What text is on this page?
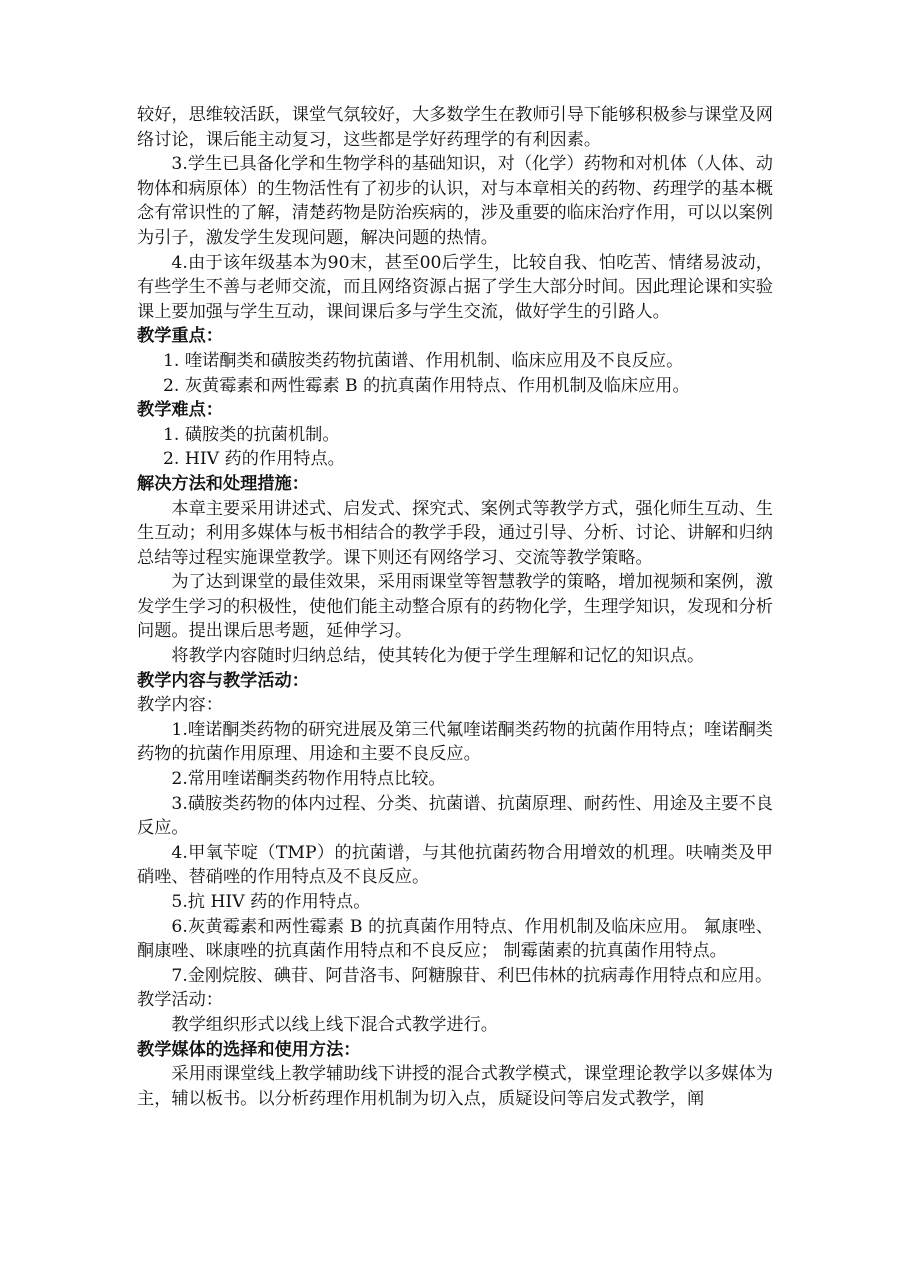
较好，思维较活跃，课堂气氛较好，大多数学生在教师引导下能够积极参与课堂及网络讨论，课后能主动复习，这些都是学好药理学的有利因素。

3.学生已具备化学和生物学科的基础知识，对（化学）药物和对机体（人体、动物体和病原体）的生物活性有了初步的认识，对与本章相关的药物、药理学的基本概念有常识性的了解，清楚药物是防治疾病的，涉及重要的临床治疗作用，可以以案例为引子，激发学生发现问题，解决问题的热情。

4.由于该年级基本为90末，甚至00后学生，比较自我、怕吃苦、情绪易波动，有些学生不善与老师交流，而且网络资源占据了学生大部分时间。因此理论课和实验课上要加强与学生互动，课间课后多与学生交流，做好学生的引路人。

教学重点：

1. 喹诺酮类和磺胺类药物抗菌谱、作用机制、临床应用及不良反应。

2. 灰黄霉素和两性霉素 B 的抗真菌作用特点、作用机制及临床应用。

教学难点：

1. 磺胺类的抗菌机制。

2. HIV 药的作用特点。

解决方法和处理措施：

本章主要采用讲述式、启发式、探究式、案例式等教学方式，强化师生互动、生生互动；利用多媒体与板书相结合的教学手段，通过引导、分析、讨论、讲解和归纳总结等过程实施课堂教学。课下则还有网络学习、交流等教学策略。

为了达到课堂的最佳效果，采用雨课堂等智慧教学的策略，增加视频和案例，激发学生学习的积极性，使他们能主动整合原有的药物化学，生理学知识，发现和分析问题。提出课后思考题，延伸学习。

将教学内容随时归纳总结，使其转化为便于学生理解和记忆的知识点。

教学内容与教学活动：

教学内容：

1.喹诺酮类药物的研究进展及第三代氟喹诺酮类药物的抗菌作用特点；喹诺酮类药物的抗菌作用原理、用途和主要不良反应。

2.常用喹诺酮类药物作用特点比较。

3.磺胺类药物的体内过程、分类、抗菌谱、抗菌原理、耐药性、用途及主要不良反应。

4.甲氧苄啶（TMP）的抗菌谱，与其他抗菌药物合用增效的机理。呋喃类及甲硝唑、替硝唑的作用特点及不良反应。

5.抗 HIV 药的作用特点。

6.灰黄霉素和两性霉素 B 的抗真菌作用特点、作用机制及临床应用。 氟康唑、酮康唑、咪康唑的抗真菌作用特点和不良反应； 制霉菌素的抗真菌作用特点。

7.金刚烷胺、碘苷、阿昔洛韦、阿糖腺苷、利巴伟林的抗病毒作用特点和应用。

教学活动：

教学组织形式以线上线下混合式教学进行。

教学媒体的选择和使用方法：

采用雨课堂线上教学辅助线下讲授的混合式教学模式，课堂理论教学以多媒体为主，辅以板书。以分析药理作用机制为切入点，质疑设问等启发式教学，阐
